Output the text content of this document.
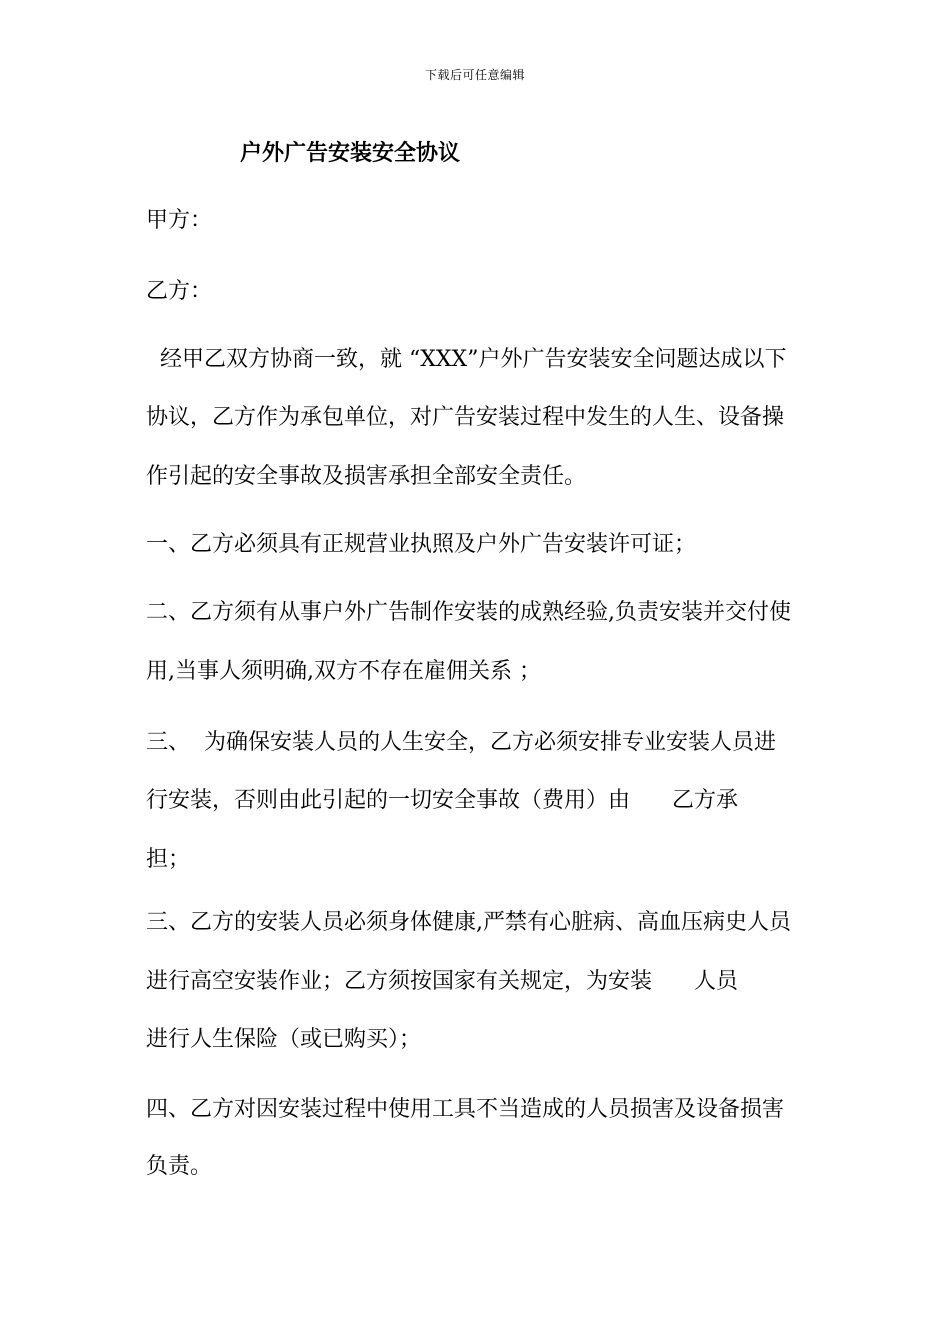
下载后可任意编辑
户外广告安装安全协议
甲方：
乙方：
经甲乙双方协商一致，就 “XXX”户外广告安装安全问题达成以下
协议，乙方作为承包单位，对广告安装过程中发生的人生、设备操
作引起的安全事故及损害承担全部安全责任。
一、乙方必须具有正规营业执照及户外广告安装许可证；
二、乙方须有从事户外广告制作安装的成熟经验,负责安装并交付使
用,当事人须明确,双方不存在雇佣关系 ；
三、  为确保安装人员的人生安全，乙方必须安排专业安装人员进
行安装，否则由此引起的一切安全事故（费用）由      乙方承
担；
三、乙方的安装人员必须身体健康,严禁有心脏病、高血压病史人员
进行高空安装作业；乙方须按国家有关规定，为安装      人员
进行人生保险（或已购买）；
四、乙方对因安装过程中使用工具不当造成的人员损害及设备损害
负责。
